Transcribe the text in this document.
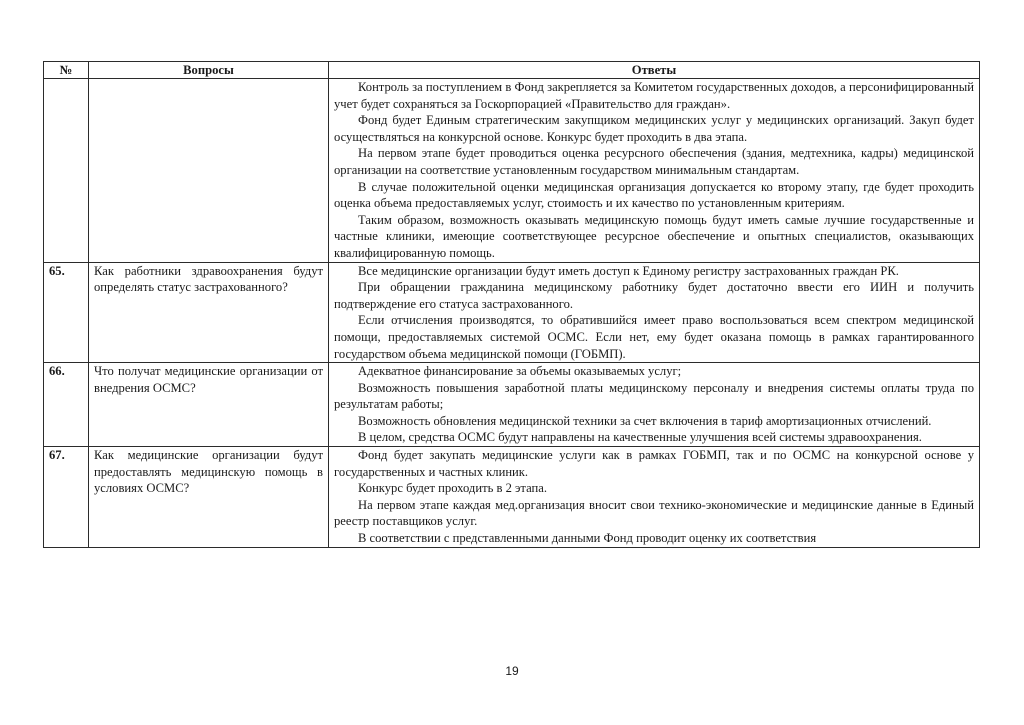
№	Вопросы	Ответы

		Контроль за поступлением в Фонд закрепляется за Комитетом государственных доходов, а персонифицированный учет будет сохраняться за Госкорпорацией «Правительство для граждан».

Фонд будет Единым стратегическим закупщиком медицинских услуг у медицинских организаций. Закуп будет осуществляться на конкурсной основе. Конкурс будет проходить в два этапа.

На первом этапе будет проводиться оценка ресурсного обеспечения (здания, медтехника, кадры) медицинской организации на соответствие установленным государством минимальным стандартам.

В случае положительной оценки медицинская организация допускается ко второму этапу, где будет проходить оценка объема предоставляемых услуг, стоимость и их качество по установленным критериям.

Таким образом, возможность оказывать медицинскую помощь будут иметь самые лучшие государственные и частные клиники, имеющие соответствующее ресурсное обеспечение и опытных специалистов, оказывающих квалифицированную помощь.

65.	Как работники здравоохранения будут определять статус застрахованного?	Все медицинские организации будут иметь доступ к Единому регистру застрахованных граждан РК.

При обращении гражданина медицинскому работнику будет достаточно ввести его ИИН и получить подтверждение его статуса застрахованного.

Если отчисления производятся, то обратившийся имеет право воспользоваться всем спектром медицинской помощи, предоставляемых системой ОСМС. Если нет, ему будет оказана помощь в рамках гарантированного государством объема медицинской помощи (ГОБМП).

66.	Что получат медицинские организации от внедрения ОСМС?	Адекватное финансирование за объемы оказываемых услуг;

Возможность повышения заработной платы медицинскому персоналу и внедрения системы оплаты труда по результатам работы;

Возможность обновления медицинской техники за счет включения в тариф амортизационных отчислений.

В целом, средства ОСМС будут направлены на качественные улучшения всей системы здравоохранения.

67.	Как медицинские организации будут предоставлять медицинскую помощь в условиях ОСМС?	Фонд будет закупать медицинские услуги как в рамках ГОБМП, так и по ОСМС на конкурсной основе у государственных и частных клиник.

Конкурс будет проходить в 2 этапа.

На первом этапе каждая мед.организация вносит свои технико-экономические и медицинские данные в Единый реестр поставщиков услуг.

В соответствии с представленными данными Фонд проводит оценку их соответствия

19
